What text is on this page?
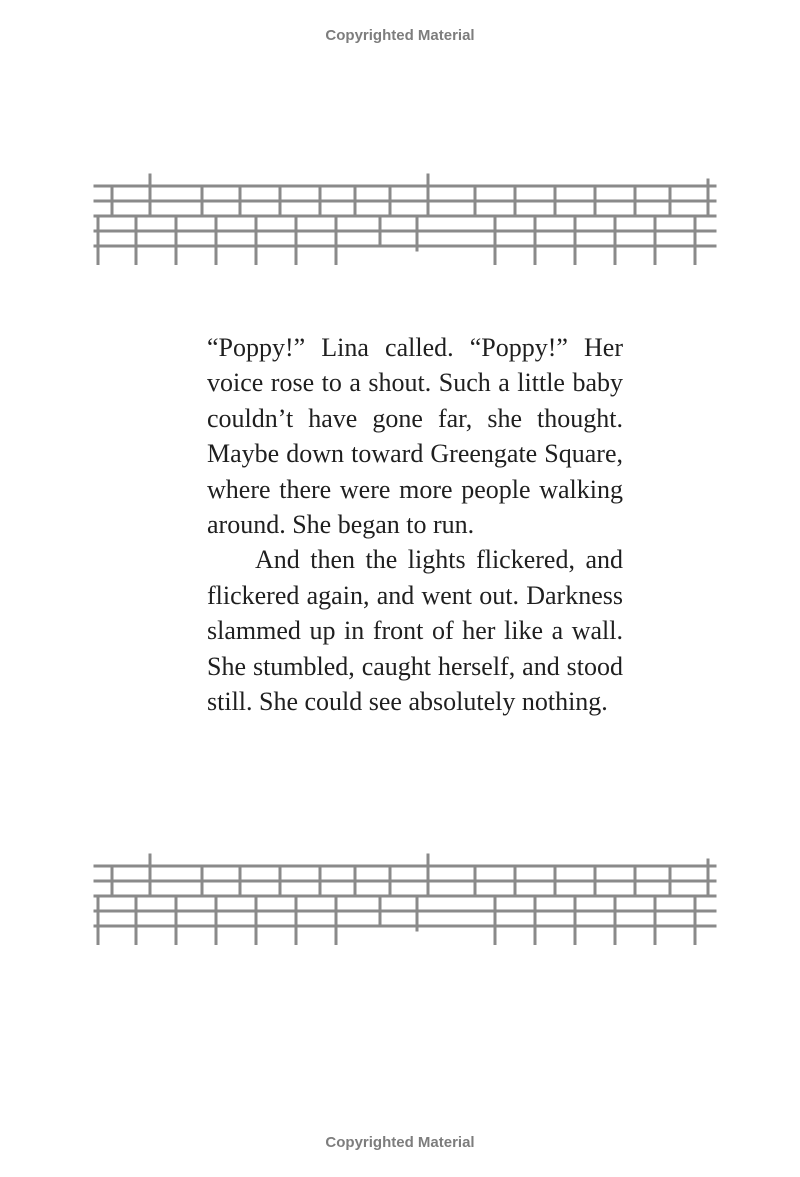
Copyrighted Material

“Poppy!” Lina called. “Poppy!” Her voice rose to a shout. Such a little baby couldn’t have gone far, she thought. Maybe down toward Greengate Square, where there were more people walking around. She began to run.

And then the lights flickered, and flickered again, and went out. Darkness slammed up in front of her like a wall. She stumbled, caught herself, and stood still. She could see absolutely nothing.

Copyrighted Material
